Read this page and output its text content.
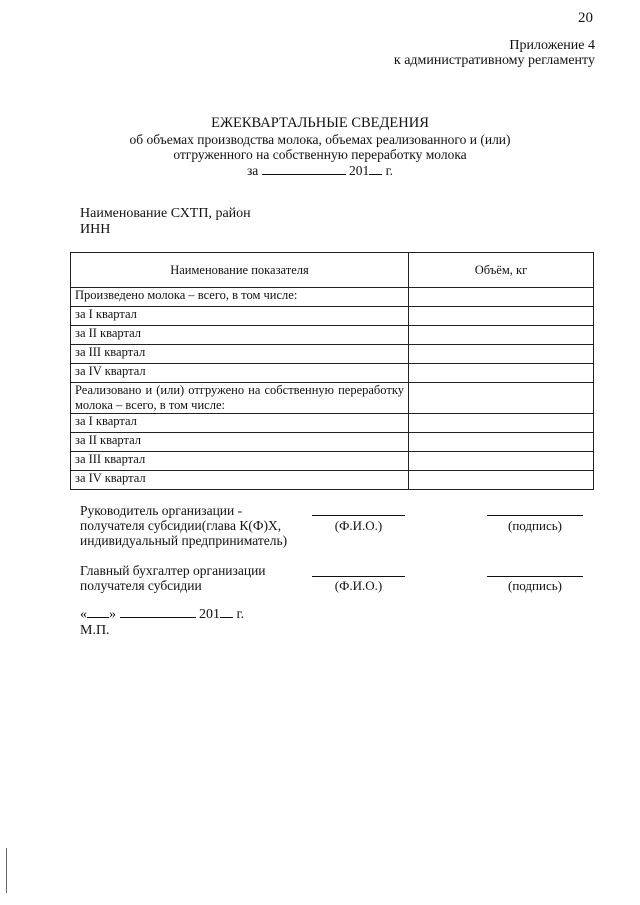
20
Приложение 4
к административному регламенту
ЕЖЕКВАРТАЛЬНЫЕ СВЕДЕНИЯ
об объемах производства молока, объемах реализованного и (или)
отгруженного на собственную переработку молока
за	201 г.
Наименование СХТП, район
ИНН
Наименование показателя	Объём, кг
Произведено молока – всего, в том числе:	
за I квартал	
за II квартал	
за III квартал	
за IV квартал	
Реализовано и (или) отгружено на собственную переработку молока – всего, в том числе:	
за I квартал	
за II квартал	
за III квартал	
за IV квартал	
Руководитель организации -
получателя субсидии(глава К(Ф)Х,
индивидуальный предприниматель)
(Ф.И.О.)	(подпись)
Главный бухгалтер организации
получателя субсидии	(Ф.И.О.)	(подпись)
« »	201 г.
М.П.
